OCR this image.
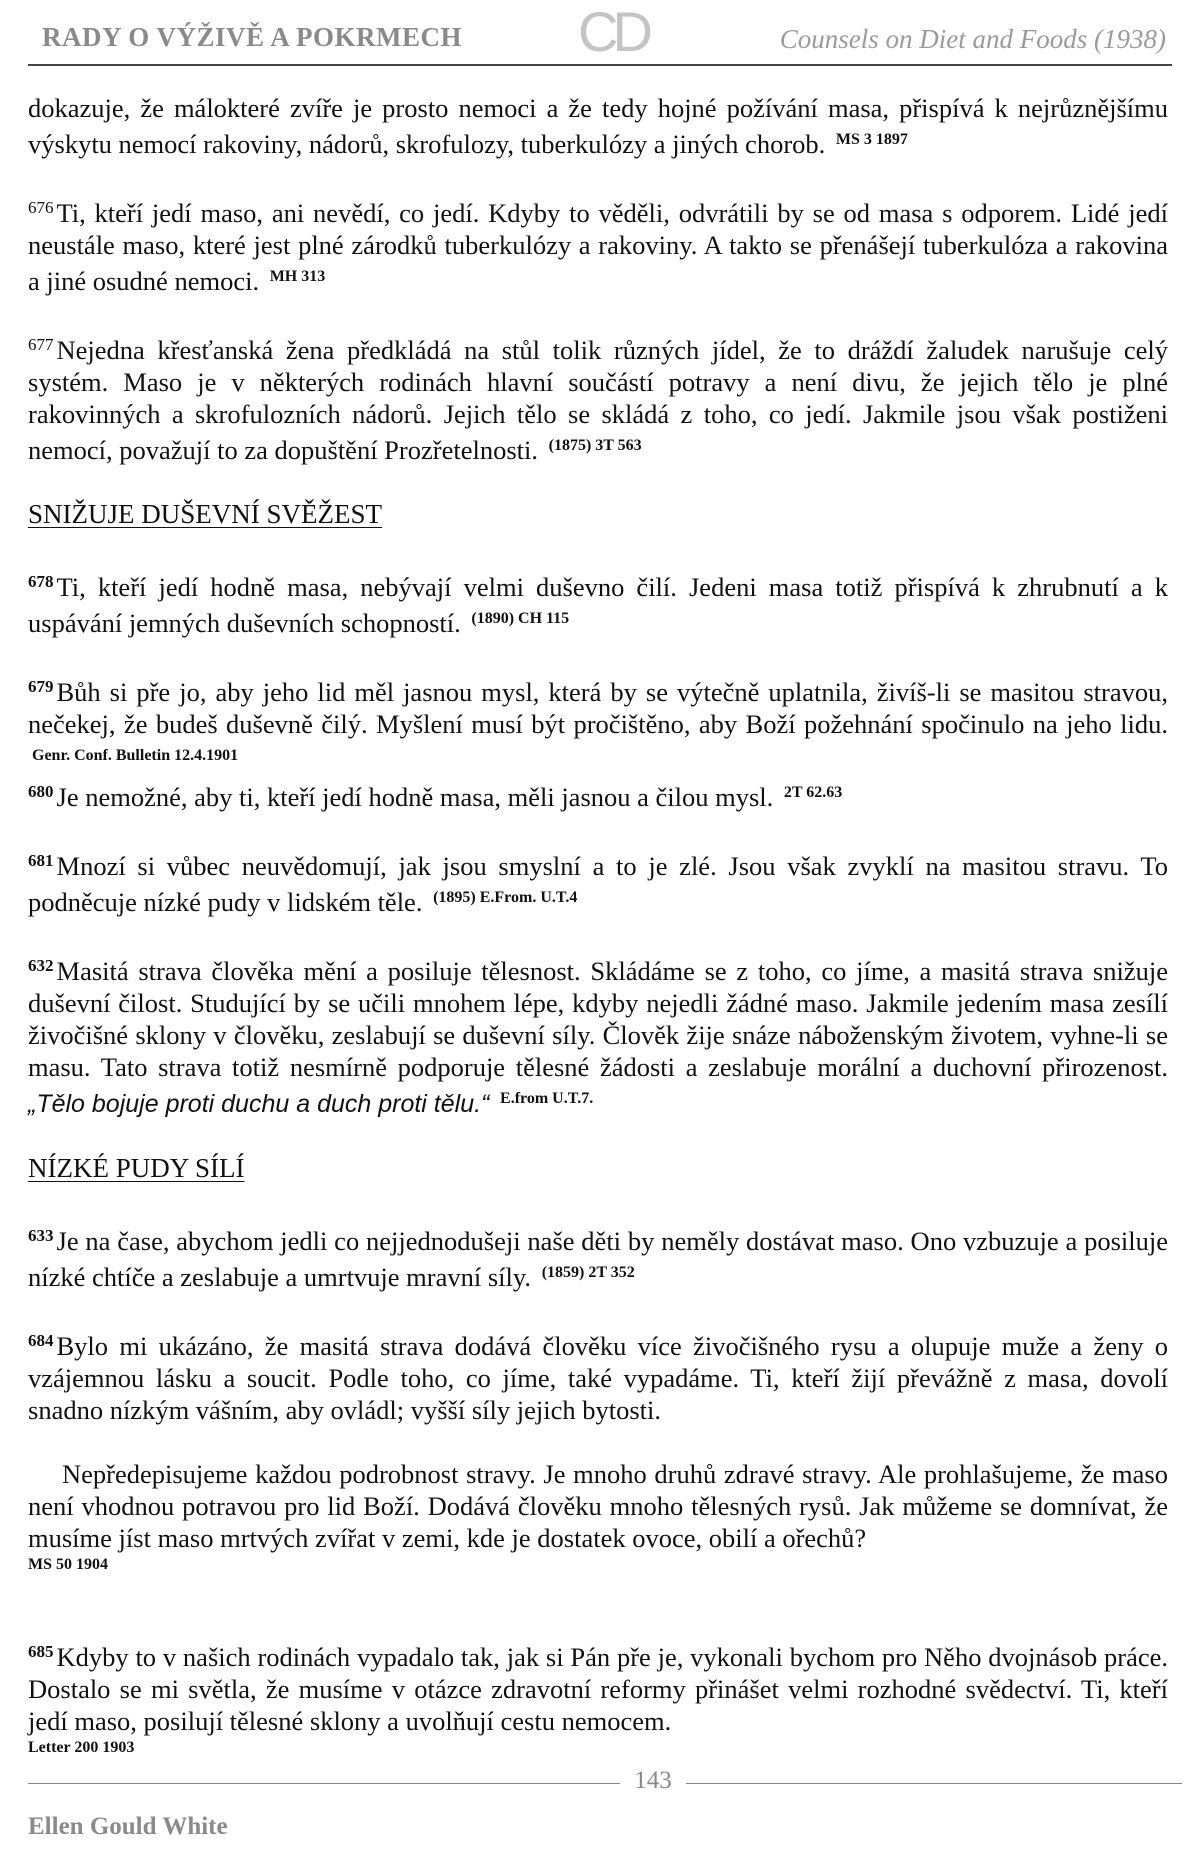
RADY O VÝŽIVĚ A POKRMECH CD	Counsels on Diet and Foods (1938)

dokazuje, že málokteré zvíře je prosto nemoci a že tedy hojné požívání masa, přispívá k nejrůznějšímu výskytu nemocí rakoviny, nádorů, skrofulozy, tuberkulózy a jiných chorob. $^{MS 3 1897}$

$^{676}$ Ti, kteří jedí maso, ani nevědí, co jedí. Kdyby to věděli, odvrátili by se od masa s odporem. Lidé jedí neustále maso, které jest plné zárodků tuberkulózy a rakoviny. A takto se přenášejí tuberkulóza a rakovina a jiné osudné nemoci. $^{MH 313}$

$^{677}$ Nejedna křesťanská žena předkládá na stůl tolik různých jídel, že to dráždí žaludek narušuje celý systém. Maso je v některých rodinách hlavní součástí potravy a není divu, že jejich tělo je plné rakovinných a skrofulozních nádorů. Jejich tělo se skládá z toho, co jedí. Jakmile jsou však postiženi nemocí, považují to za dopuštění Prozřetelnosti. $^{(1875) 3T 563}$

SNIŽUJE DUŠEVNÍ SVĚŽEST

$^{678}$ Ti, kteří jedí hodně masa, nebývají velmi duševno čilí. Jedeni masa totiž přispívá k zhrubnutí a k uspávání jemných duševních schopností. $^{(1890) CH 115}$

$^{679}$ Bůh si pře jo, aby jeho lid měl jasnou mysl, která by se výtečně uplatnila, živíš-li se masitou stravou, nečekej, že budeš duševně čilý. Myšlení musí být pročištěno, aby Boží požehnání spočinulo na jeho lidu. $^{Genr. Conf. Bulletin 12.4.1901}$

$^{680}$ Je nemožné, aby ti, kteří jedí hodně masa, měli jasnou a čilou mysl. $^{2T 62.63}$

$^{681}$ Mnozí si vůbec neuvědomují, jak jsou smyslní a to je zlé. Jsou však zvyklí na masitou stravu. To podněcuje nízké pudy v lidském těle. $^{(1895) E.From. U.T.4}$

$^{632}$ Masitá strava člověka mění a posiluje tělesnost. Skládáme se z toho, co jíme, a masitá strava snižuje duševní čilost. Studující by se učili mnohem lépe, kdyby nejedli žádné maso. Jakmile jedením masa zesílí živočišné sklony v člověku, zeslabují se duševní síly. Člověk žije snáze náboženským životem, vyhne-li se masu. Tato strava totiž nesmírně podporuje tělesné žádosti a zeslabuje morální a duchovní přirozenost. „Tělo bojuje proti duchu a duch proti tělu.“ $^{E.from U.T.7.}$

NÍZKÉ PUDY SÍLÍ

$^{633}$ Je na čase, abychom jedli co nejjednodušeji naše děti by neměly dostávat maso. Ono vzbuzuje a posiluje nízké chtíče a zeslabuje a umrtvuje mravní síly. $^{(1859) 2T 352}$

$^{684}$ Bylo mi ukázáno, že masitá strava dodává člověku více živočišného rysu a olupuje muže a ženy o vzájemnou lásku a soucit. Podle toho, co jíme, také vypadáme. Ti, kteří žijí převážně z masa, dovolí snadno nízkým vášním, aby ovládl; vyšší síly jejich bytosti.

Nepředepisujeme každou podrobnost stravy. Je mnoho druhů zdravé stravy. Ale prohlašujeme, že maso není vhodnou potravou pro lid Boží. Dodává člověku mnoho tělesných rysů. Jak můžeme se domnívat, že musíme jíst maso mrtvých zvířat v zemi, kde je dostatek ovoce, obilí a ořechů?

MS 50 1904

$^{685}$ Kdyby to v našich rodinách vypadalo tak, jak si Pán pře je, vykonali bychom pro Něho dvojnásob práce. Dostalo se mi světla, že musíme v otázce zdravotní reformy přinášet velmi rozhodné svědectví. Ti, kteří jedí maso, posilují tělesné sklony a uvolňují cestu nemocem.

Letter 200 1903
143
Ellen Gould White
